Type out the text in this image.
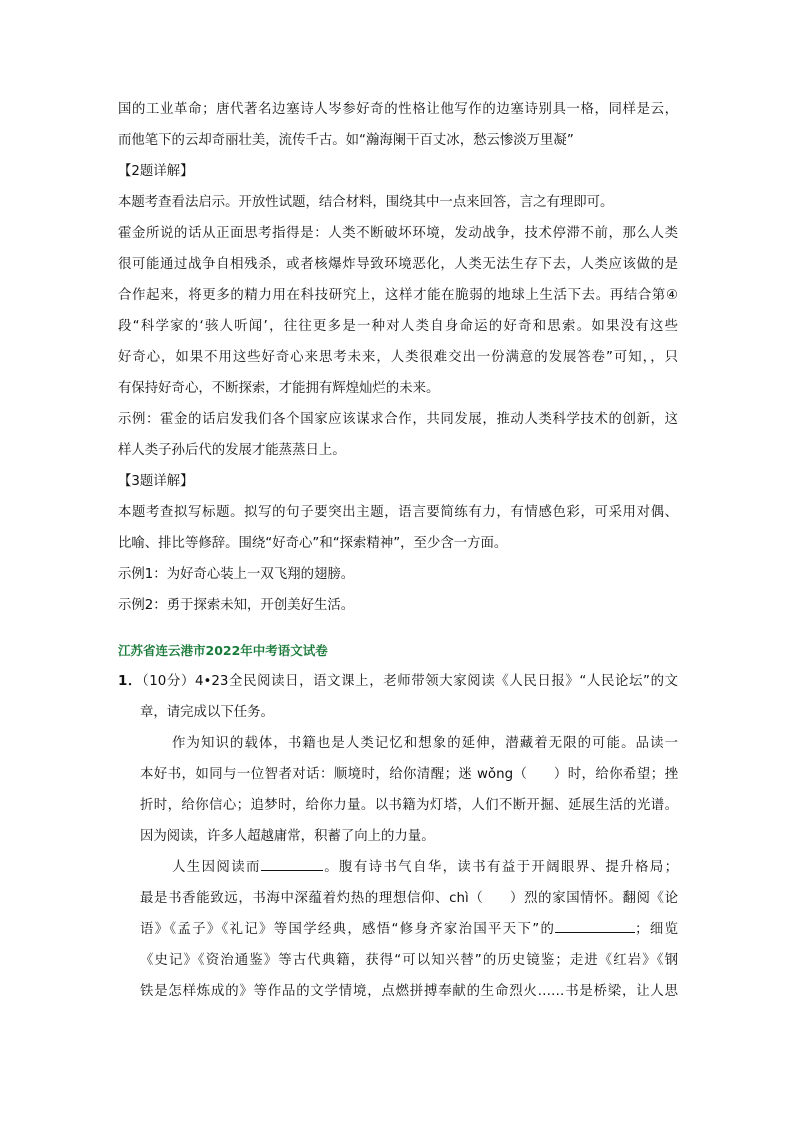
国的工业革命；唐代著名边塞诗人岑参好奇的性格让他写作的边塞诗别具一格，同样是云，
而他笔下的云却奇丽壮美，流传千古。如“瀚海阑干百丈冰，愁云惨淡万里凝”
【2题详解】
本题考查看法启示。开放性试题，结合材料，围绕其中一点来回答，言之有理即可。
霍金所说的话从正面思考指得是：人类不断破坏环境，发动战争，技术停滞不前，那么人类
很可能通过战争自相残杀，或者核爆炸导致环境恶化，人类无法生存下去，人类应该做的是
合作起来，将更多的精力用在科技研究上，这样才能在脆弱的地球上生活下去。再结合第④
段“科学家的‘骇人听闻’，往往更多是一种对人类自身命运的好奇和思索。如果没有这些
好奇心，如果不用这些好奇心来思考未来，人类很难交出一份满意的发展答卷”可知，，只
有保持好奇心，不断探索，才能拥有辉煌灿烂的未来。
示例：霍金的话启发我们各个国家应该谋求合作，共同发展，推动人类科学技术的创新，这
样人类子孙后代的发展才能蒸蒸日上。
【3题详解】
本题考查拟写标题。拟写的句子要突出主题，语言要简练有力，有情感色彩，可采用对偶、
比喻、排比等修辞。围绕“好奇心”和“探索精神”，至少含一方面。
示例1：为好奇心装上一双飞翔的翅膀。
示例2：勇于探索未知，开创美好生活。
江苏省连云港市2022年中考语文试卷
1．（10分）4•23全民阅读日，语文课上，老师带领大家阅读《人民日报》“人民论坛”的文
章，请完成以下任务。
作为知识的载体，书籍也是人类记忆和想象的延伸，潜藏着无限的可能。品读一
本好书，如同与一位智者对话：顺境时，给你清醒；迷 wǒng（ ）时，给你希望；挫
折时，给你信心；追梦时，给你力量。以书籍为灯塔，人们不断开掘、延展生活的光谱。
因为阅读，许多人超越庸常，积蓄了向上的力量。
人生因阅读而	。腹有诗书气自华，读书有益于开阔眼界、提升格局；
最是书香能致远，书海中深蕴着灼热的理想信仰、chì（ ）烈的家国情怀。翻阅《论
语》《孟子》《礼记》等国学经典，感悟“修身齐家治国平天下”的	；细览
《史记》《资治通鉴》等古代典籍，获得“可以知兴替”的历史镜鉴；走进《红岩》《钢
铁是怎样炼成的》等作品的文学情境，点燃拼搏奉献的生命烈火……书是桥梁，让人思
